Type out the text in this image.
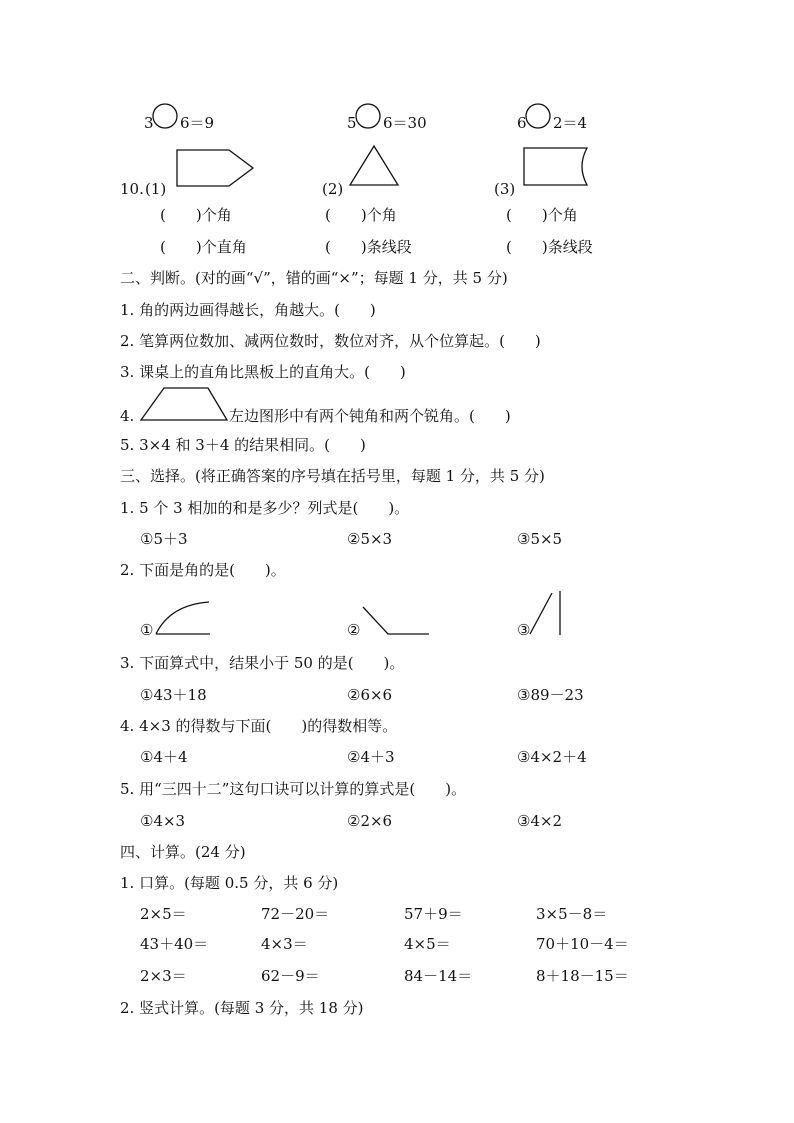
3 6＝9	5 6＝30	6 2＝4
10. (1)	(2)	(3)
(　　)个角	(　　)个角	(　　)个角
(　　)个直角	(　　)条线段	(　　)条线段
二、判断。(对的画“√”，错的画“×”；每题 1 分，共 5 分)
1. 角的两边画得越长，角越大。(　　)
2. 笔算两位数加、减两位数时，数位对齐，从个位算起。(　　)
3. 课桌上的直角比黑板上的直角大。(　　)
4.	左边图形中有两个钝角和两个锐角。(　　)
5. 3×4 和 3＋4 的结果相同。(　　)
三、选择。(将正确答案的序号填在括号里，每题 1 分，共 5 分)
1. 5 个 3 相加的和是多少？列式是(　　)。
①5＋3	②5×3	③5×5
2. 下面是角的是(　　)。
①	②	③
3. 下面算式中，结果小于 50 的是(　　)。
①43＋18	②6×6	③89－23
4. 4×3 的得数与下面(　　)的得数相等。
①4＋4	②4＋3	③4×2＋4
5. 用“三四十二”这句口诀可以计算的算式是(　　)。
①4×3	②2×6	③4×2
四、计算。(24 分)
1. 口算。(每题 0.5 分，共 6 分)
2×5＝	72－20＝	57＋9＝	3×5－8＝
43＋40＝	4×3＝	4×5＝	70＋10－4＝
2×3＝	62－9＝	84－14＝	8＋18－15＝
2. 竖式计算。(每题 3 分，共 18 分)
